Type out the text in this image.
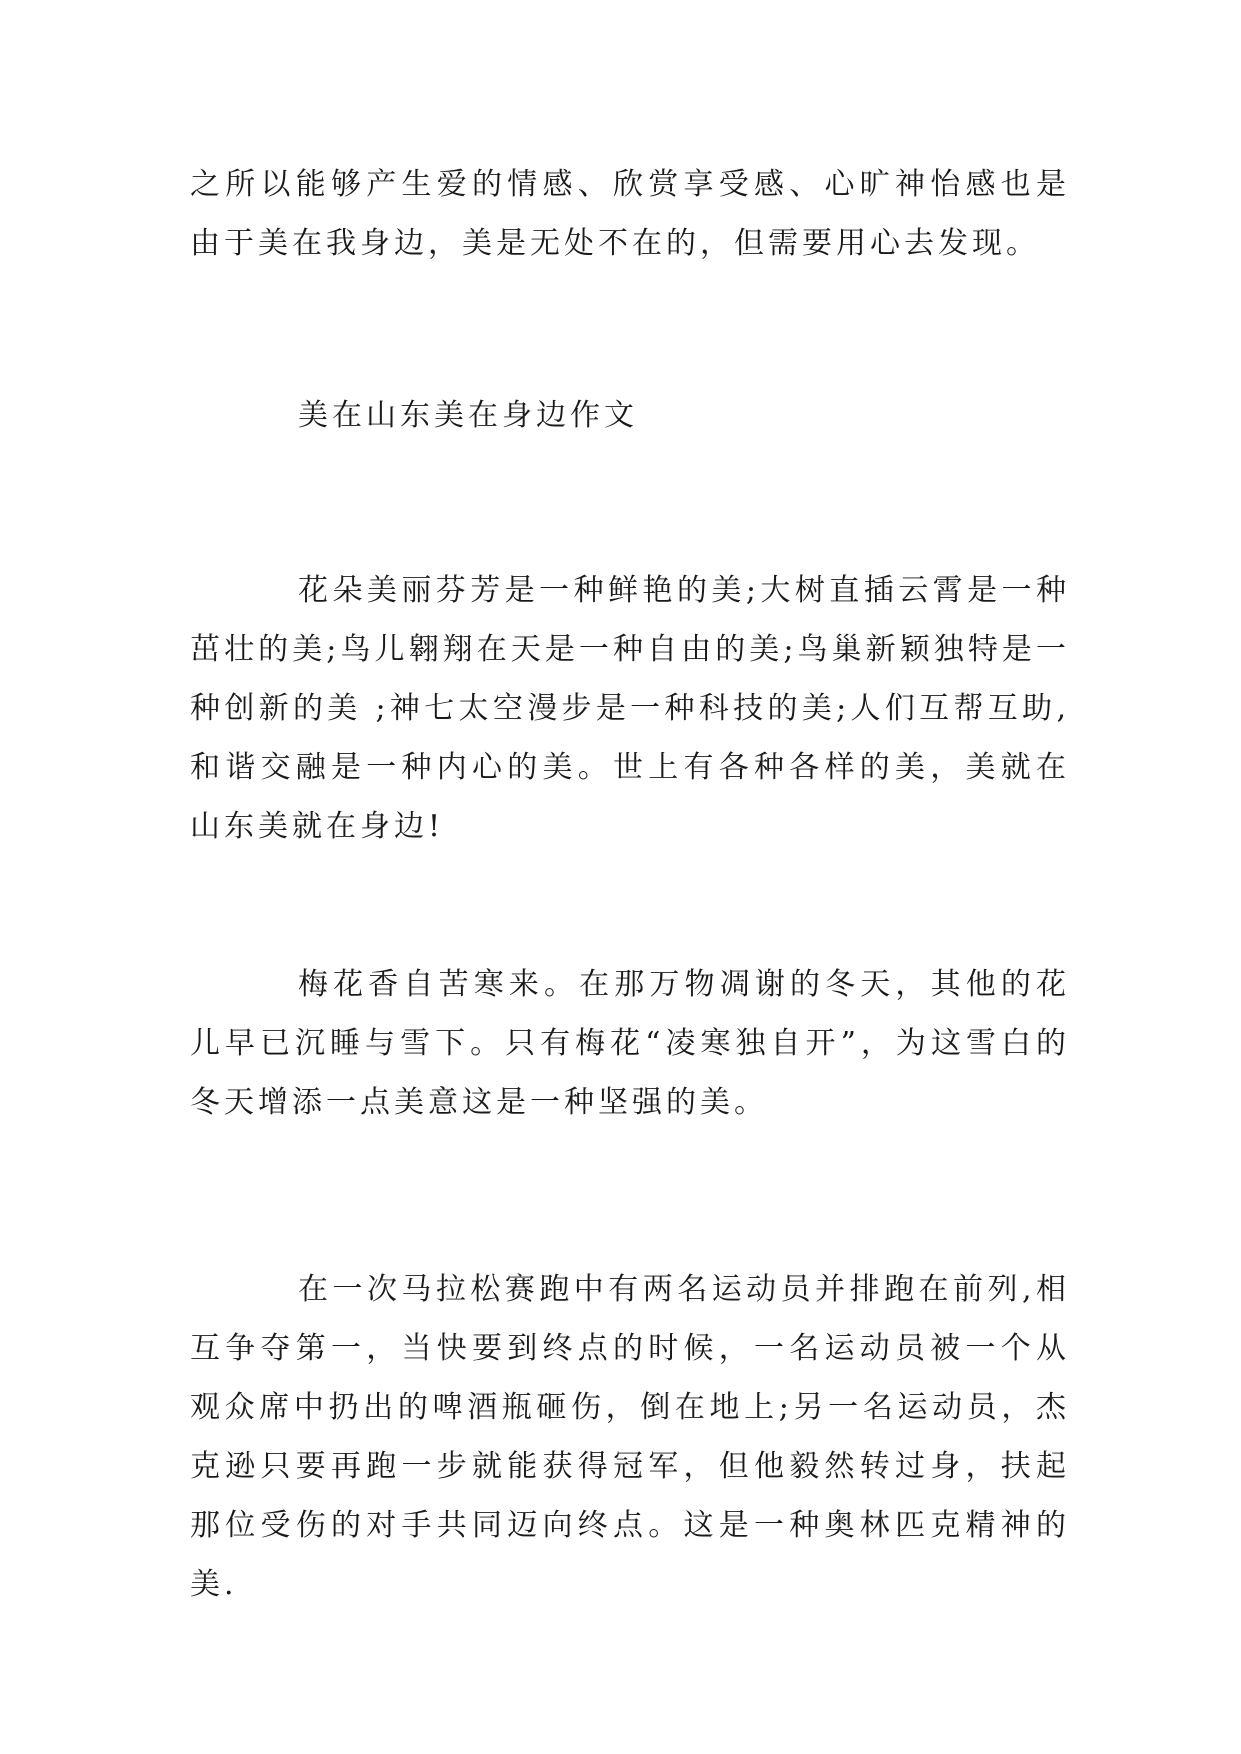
之所以能够产生爱的情感、欣赏享受感、心旷神怡感也是由于美在我身边，美是无处不在的，但需要用心去发现。

美在山东美在身边作文

花朵美丽芬芳是一种鲜艳的美;大树直插云霄是一种茁壮的美;鸟儿翱翔在天是一种自由的美;鸟巢新颖独特是一种创新的美 ;神七太空漫步是一种科技的美;人们互帮互助,和谐交融是一种内心的美。世上有各种各样的美，美就在山东美就在身边!

梅花香自苦寒来。在那万物凋谢的冬天，其他的花儿早已沉睡与雪下。只有梅花“凌寒独自开”，为这雪白的冬天增添一点美意这是一种坚强的美。

在一次马拉松赛跑中有两名运动员并排跑在前列,相互争夺第一，当快要到终点的时候，一名运动员被一个从观众席中扔出的啤酒瓶砸伤，倒在地上;另一名运动员，杰克逊只要再跑一步就能获得冠军，但他毅然转过身，扶起那位受伤的对手共同迈向终点。这是一种奥林匹克精神的美.
